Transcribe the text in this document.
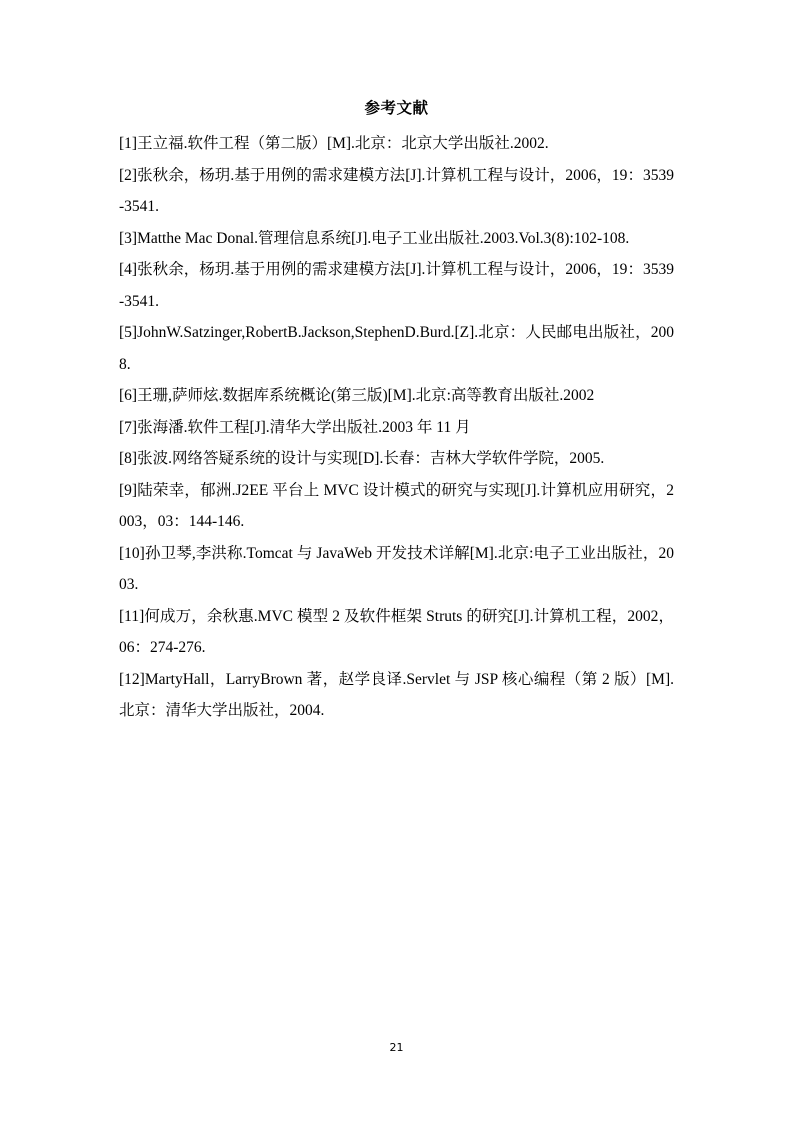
参考文献
[1]王立福.软件工程（第二版）[M].北京：北京大学出版社.2002.
[2]张秋余，杨玥.基于用例的需求建模方法[J].计算机工程与设计，2006，19：3539-3541.
[3]Matthe Mac Donal.管理信息系统[J].电子工业出版社.2003.Vol.3(8):102-108.
[4]张秋余，杨玥.基于用例的需求建模方法[J].计算机工程与设计，2006，19：3539-3541.
[5]JohnW.Satzinger,RobertB.Jackson,StephenD.Burd.[Z].北京：人民邮电出版社，2008.
[6]王珊,萨师炫.数据库系统概论(第三版)[M].北京:高等教育出版社.2002
[7]张海潘.软件工程[J].清华大学出版社.2003 年 11 月
[8]张波.网络答疑系统的设计与实现[D].长春：吉林大学软件学院，2005.
[9]陆荣幸，郁洲.J2EE 平台上 MVC 设计模式的研究与实现[J].计算机应用研究，2003，03：144-146.
[10]孙卫琴,李洪称.Tomcat 与 JavaWeb 开发技术详解[M].北京:电子工业出版社，2003.
[11]何成万，余秋惠.MVC 模型 2 及软件框架 Struts 的研究[J].计算机工程，2002，06：274-276.
[12]MartyHall，LarryBrown 著，赵学良译.Servlet 与 JSP 核心编程（第 2 版）[M].北京：清华大学出版社，2004.
21
